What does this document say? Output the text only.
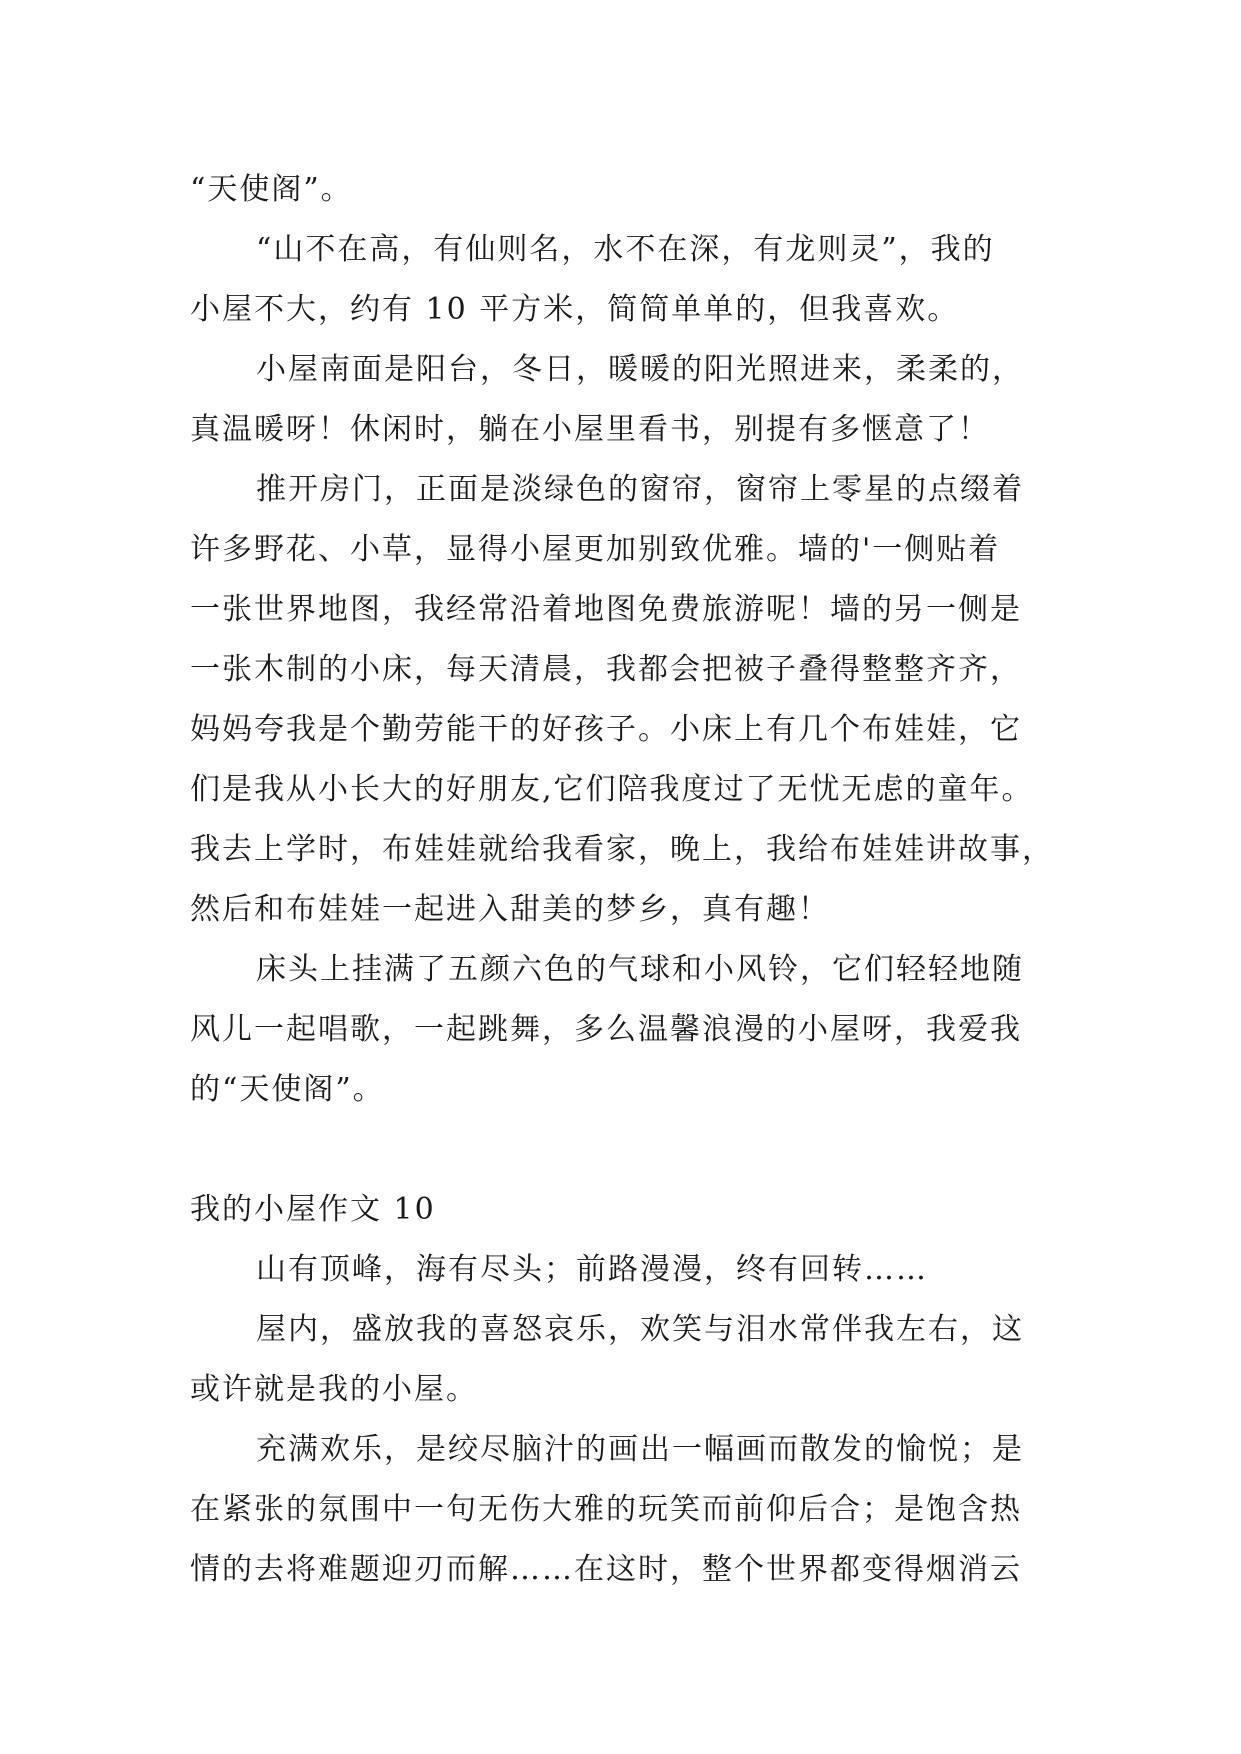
“天使阁”。
“山不在高，有仙则名，水不在深，有龙则灵”，我的
小屋不大，约有 10 平方米，简简单单的，但我喜欢。
小屋南面是阳台，冬日，暖暖的阳光照进来，柔柔的，
真温暖呀！休闲时，躺在小屋里看书，别提有多惬意了！
推开房门，正面是淡绿色的窗帘，窗帘上零星的点缀着
许多野花、小草，显得小屋更加别致优雅。墙的'一侧贴着
一张世界地图，我经常沿着地图免费旅游呢！墙的另一侧是
一张木制的小床，每天清晨，我都会把被子叠得整整齐齐，
妈妈夸我是个勤劳能干的好孩子。小床上有几个布娃娃，它
们是我从小长大的好朋友,它们陪我度过了无忧无虑的童年。
我去上学时，布娃娃就给我看家，晚上，我给布娃娃讲故事，
然后和布娃娃一起进入甜美的梦乡，真有趣！
床头上挂满了五颜六色的气球和小风铃，它们轻轻地随
风儿一起唱歌，一起跳舞，多么温馨浪漫的小屋呀，我爱我
的“天使阁”。
我的小屋作文 10
山有顶峰，海有尽头；前路漫漫，终有回转……
屋内，盛放我的喜怒哀乐，欢笑与泪水常伴我左右，这
或许就是我的小屋。
充满欢乐，是绞尽脑汁的画出一幅画而散发的愉悦；是
在紧张的氛围中一句无伤大雅的玩笑而前仰后合；是饱含热
情的去将难题迎刃而解……在这时，整个世界都变得烟消云
